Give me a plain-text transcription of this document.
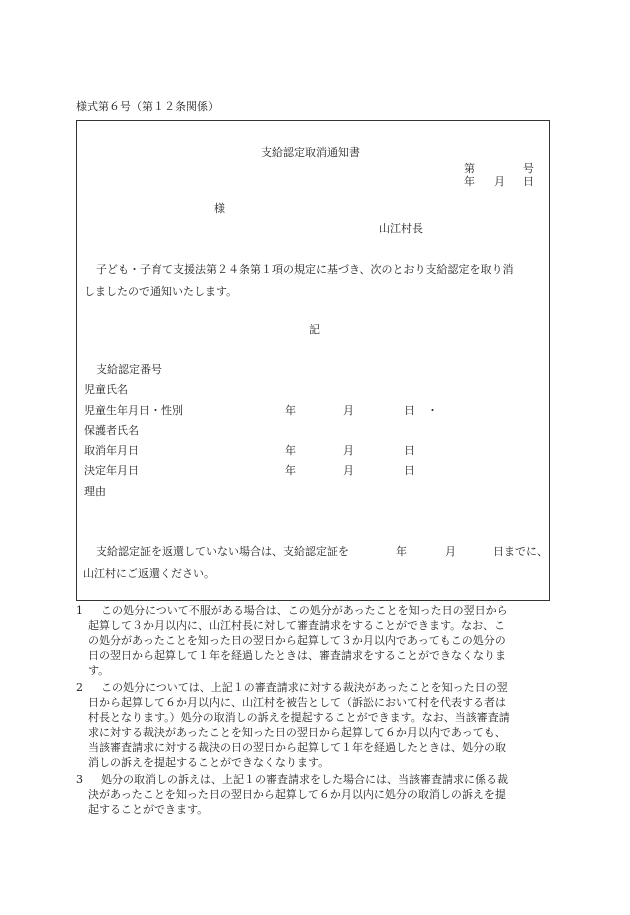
様式第６号（第１２条関係）
支給認定取消通知書
第	号
年 月 日
様
山江村長
子ども・子育て支援法第２４条第１項の規定に基づき、次のとおり支給認定を取り消
しましたので通知いたします。
記
支給認定番号
児童氏名
児童生年月日・性別	年	月	日 ・
保護者氏名
取消年月日	年	月	日
決定年月日	年	月	日
理由
支給認定証を返還していない場合は、支給認定証を	年	月	日までに、
山江村にご返還ください。
1 この処分について不服がある場合は、この処分があったことを知った日の翌日から
起算して３か月以内に、山江村長に対して審査請求をすることができます。なお、こ
の処分があったことを知った日の翌日から起算して３か月以内であってもこの処分の
日の翌日から起算して１年を経過したときは、審査請求をすることができなくなりま
す。
2 この処分については、上記１の審査請求に対する裁決があったことを知った日の翌
日から起算して６か月以内に、山江村を被告として（訴訟において村を代表する者は
村長となります。）処分の取消しの訴えを提起することができます。なお、当該審査請
求に対する裁決があったことを知った日の翌日から起算して６か月以内であっても、
当該審査請求に対する裁決の日の翌日から起算して１年を経過したときは、処分の取
消しの訴えを提起することができなくなります。
3 処分の取消しの訴えは、上記１の審査請求をした場合には、当該審査請求に係る裁
決があったことを知った日の翌日から起算して６か月以内に処分の取消しの訴えを提
起することができます。
